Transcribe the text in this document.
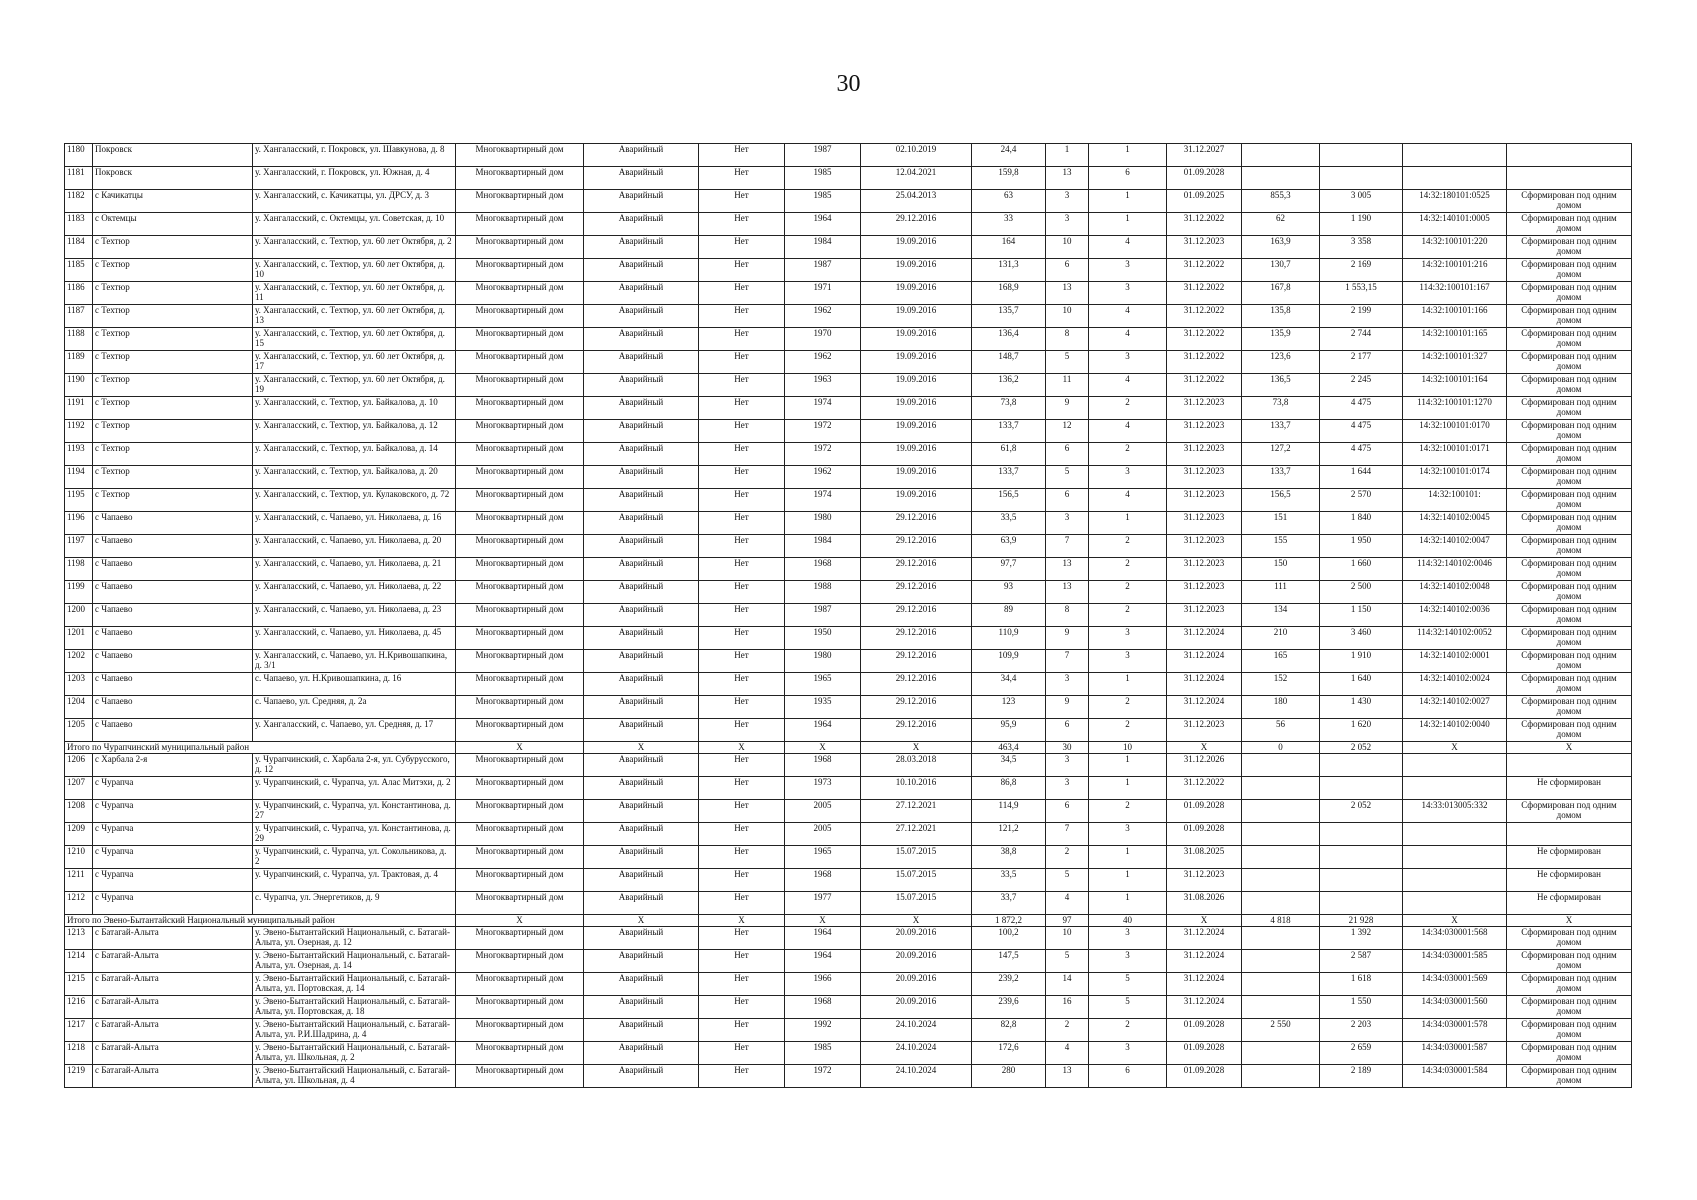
30
1180	Покровск	у. Хангаласский, г. Покровск, ул. Шавкунова, д. 8	Многоквартирный дом	Аварийный	Нет	1987	02.10.2019	24,4	1	1	31.12.2027				
1181	Покровск	у. Хангаласский, г. Покровск, ул. Южная, д. 4	Многоквартирный дом	Аварийный	Нет	1985	12.04.2021	159,8	13	6	01.09.2028				
1182	с Качикатцы	у. Хангаласский, с. Качикатцы, ул. ДРСУ, д. 3	Многоквартирный дом	Аварийный	Нет	1985	25.04.2013	63	3	1	01.09.2025	855,3	3 005	14:32:180101:0525	Сформирован под одним домом
1183	с Октемцы	у. Хангаласский, с. Октемцы, ул. Советская, д. 10	Многоквартирный дом	Аварийный	Нет	1964	29.12.2016	33	3	1	31.12.2022	62	1 190	14:32:140101:0005	Сформирован под одним домом
1184	с Техтюр	у. Хангаласский, с. Техтюр, ул. 60 лет Октября, д. 2	Многоквартирный дом	Аварийный	Нет	1984	19.09.2016	164	10	4	31.12.2023	163,9	3 358	14:32:100101:220	Сформирован под одним домом
1185	с Техтюр	у. Хангаласский, с. Техтюр, ул. 60 лет Октября, д. 10	Многоквартирный дом	Аварийный	Нет	1987	19.09.2016	131,3	6	3	31.12.2022	130,7	2 169	14:32:100101:216	Сформирован под одним домом
1186	с Техтюр	у. Хангаласский, с. Техтюр, ул. 60 лет Октября, д. 11	Многоквартирный дом	Аварийный	Нет	1971	19.09.2016	168,9	13	3	31.12.2022	167,8	1 553,15	114:32:100101:167	Сформирован под одним домом
1187	с Техтюр	у. Хангаласский, с. Техтюр, ул. 60 лет Октября, д. 13	Многоквартирный дом	Аварийный	Нет	1962	19.09.2016	135,7	10	4	31.12.2022	135,8	2 199	14:32:100101:166	Сформирован под одним домом
1188	с Техтюр	у. Хангаласский, с. Техтюр, ул. 60 лет Октября, д. 15	Многоквартирный дом	Аварийный	Нет	1970	19.09.2016	136,4	8	4	31.12.2022	135,9	2 744	14:32:100101:165	Сформирован под одним домом
1189	с Техтюр	у. Хангаласский, с. Техтюр, ул. 60 лет Октября, д. 17	Многоквартирный дом	Аварийный	Нет	1962	19.09.2016	148,7	5	3	31.12.2022	123,6	2 177	14:32:100101:327	Сформирован под одним домом
1190	с Техтюр	у. Хангаласский, с. Техтюр, ул. 60 лет Октября, д. 19	Многоквартирный дом	Аварийный	Нет	1963	19.09.2016	136,2	11	4	31.12.2022	136,5	2 245	14:32:100101:164	Сформирован под одним домом
1191	с Техтюр	у. Хангаласский, с. Техтюр, ул. Байкалова, д. 10	Многоквартирный дом	Аварийный	Нет	1974	19.09.2016	73,8	9	2	31.12.2023	73,8	4 475	114:32:100101:1270	Сформирован под одним домом
1192	с Техтюр	у. Хангаласский, с. Техтюр, ул. Байкалова, д. 12	Многоквартирный дом	Аварийный	Нет	1972	19.09.2016	133,7	12	4	31.12.2023	133,7	4 475	14:32:100101:0170	Сформирован под одним домом
1193	с Техтюр	у. Хангаласский, с. Техтюр, ул. Байкалова, д. 14	Многоквартирный дом	Аварийный	Нет	1972	19.09.2016	61,8	6	2	31.12.2023	127,2	4 475	14:32:100101:0171	Сформирован под одним домом
1194	с Техтюр	у. Хангаласский, с. Техтюр, ул. Байкалова, д. 20	Многоквартирный дом	Аварийный	Нет	1962	19.09.2016	133,7	5	3	31.12.2023	133,7	1 644	14:32:100101:0174	Сформирован под одним домом
1195	с Техтюр	у. Хангаласский, с. Техтюр, ул. Кулаковского, д. 72	Многоквартирный дом	Аварийный	Нет	1974	19.09.2016	156,5	6	4	31.12.2023	156,5	2 570	14:32:100101:	Сформирован под одним домом
1196	с Чапаево	у. Хангаласский, с. Чапаево, ул. Николаева, д. 16	Многоквартирный дом	Аварийный	Нет	1980	29.12.2016	33,5	3	1	31.12.2023	151	1 840	14:32:140102:0045	Сформирован под одним домом
1197	с Чапаево	у. Хангаласский, с. Чапаево, ул. Николаева, д. 20	Многоквартирный дом	Аварийный	Нет	1984	29.12.2016	63,9	7	2	31.12.2023	155	1 950	14:32:140102:0047	Сформирован под одним домом
1198	с Чапаево	у. Хангаласский, с. Чапаево, ул. Николаева, д. 21	Многоквартирный дом	Аварийный	Нет	1968	29.12.2016	97,7	13	2	31.12.2023	150	1 660	114:32:140102:0046	Сформирован под одним домом
1199	с Чапаево	у. Хангаласский, с. Чапаево, ул. Николаева, д. 22	Многоквартирный дом	Аварийный	Нет	1988	29.12.2016	93	13	2	31.12.2023	111	2 500	14:32:140102:0048	Сформирован под одним домом
1200	с Чапаево	у. Хангаласский, с. Чапаево, ул. Николаева, д. 23	Многоквартирный дом	Аварийный	Нет	1987	29.12.2016	89	8	2	31.12.2023	134	1 150	14:32:140102:0036	Сформирован под одним домом
1201	с Чапаево	у. Хангаласский, с. Чапаево, ул. Николаева, д. 45	Многоквартирный дом	Аварийный	Нет	1950	29.12.2016	110,9	9	3	31.12.2024	210	3 460	114:32:140102:0052	Сформирован под одним домом
1202	с Чапаево	у. Хангаласский, с. Чапаево, ул. Н.Кривошапкина, д. 3/1	Многоквартирный дом	Аварийный	Нет	1980	29.12.2016	109,9	7	3	31.12.2024	165	1 910	14:32:140102:0001	Сформирован под одним домом
1203	с Чапаево	с. Чапаево, ул. Н.Кривошапкина, д. 16	Многоквартирный дом	Аварийный	Нет	1965	29.12.2016	34,4	3	1	31.12.2024	152	1 640	14:32:140102:0024	Сформирован под одним домом
1204	с Чапаево	с. Чапаево, ул. Средняя, д. 2а	Многоквартирный дом	Аварийный	Нет	1935	29.12.2016	123	9	2	31.12.2024	180	1 430	14:32:140102:0027	Сформирован под одним домом
1205	с Чапаево	у. Хангаласский, с. Чапаево, ул. Средняя, д. 17	Многоквартирный дом	Аварийный	Нет	1964	29.12.2016	95,9	6	2	31.12.2023	56	1 620	14:32:140102:0040	Сформирован под одним домом
Итого по Чурапчинский муниципальный район			X	X	X	X	X	463,4	30	10	X	0	2 052	X	X
1206	с Харбала 2-я	у. Чурапчинский, с. Харбала 2-я, ул. Субурусского, д. 12	Многоквартирный дом	Аварийный	Нет	1968	28.03.2018	34,5	3	1	31.12.2026				
1207	с Чурапча	у. Чурапчинский, с. Чурапча, ул. Алас Митэхи, д. 2	Многоквартирный дом	Аварийный	Нет	1973	10.10.2016	86,8	3	1	31.12.2022				Не сформирован
1208	с Чурапча	у. Чурапчинский, с. Чурапча, ул. Константинова, д. 27	Многоквартирный дом	Аварийный	Нет	2005	27.12.2021	114,9	6	2	01.09.2028		2 052	14:33:013005:332	Сформирован под одним домом
1209	с Чурапча	у. Чурапчинский, с. Чурапча, ул. Константинова, д. 29	Многоквартирный дом	Аварийный	Нет	2005	27.12.2021	121,2	7	3	01.09.2028				
1210	с Чурапча	у. Чурапчинский, с. Чурапча, ул. Сокольникова, д. 2	Многоквартирный дом	Аварийный	Нет	1965	15.07.2015	38,8	2	1	31.08.2025				Не сформирован
1211	с Чурапча	у. Чурапчинский, с. Чурапча, ул. Трактовая, д. 4	Многоквартирный дом	Аварийный	Нет	1968	15.07.2015	33,5	5	1	31.12.2023				Не сформирован
1212	с Чурапча	с. Чурапча, ул. Энергетиков, д. 9	Многоквартирный дом	Аварийный	Нет	1977	15.07.2015	33,7	4	1	31.08.2026				Не сформирован
Итого по Эвено-Бытантайский Национальный муниципальный район			X	X	X	X	X	1 872,2	97	40	X	4 818	21 928	X	X
1213	с Батагай-Алыта	у. Эвено-Бытантайский Национальный, с. Батагай-Алыта, ул. Озерная, д. 12	Многоквартирный дом	Аварийный	Нет	1964	20.09.2016	100,2	10	3	31.12.2024		1 392	14:34:030001:568	Сформирован под одним домом
1214	с Батагай-Алыта	у. Эвено-Бытантайский Национальный, с. Батагай-Алыта, ул. Озерная, д. 14	Многоквартирный дом	Аварийный	Нет	1964	20.09.2016	147,5	5	3	31.12.2024		2 587	14:34:030001:585	Сформирован под одним домом
1215	с Батагай-Алыта	у. Эвено-Бытантайский Национальный, с. Батагай-Алыта, ул. Портовская, д. 14	Многоквартирный дом	Аварийный	Нет	1966	20.09.2016	239,2	14	5	31.12.2024		1 618	14:34:030001:569	Сформирован под одним домом
1216	с Батагай-Алыта	у. Эвено-Бытантайский Национальный, с. Батагай-Алыта, ул. Портовская, д. 18	Многоквартирный дом	Аварийный	Нет	1968	20.09.2016	239,6	16	5	31.12.2024		1 550	14:34:030001:560	Сформирован под одним домом
1217	с Батагай-Алыта	у. Эвено-Бытантайский Национальный, с. Батагай-Алыта, ул. Р.И.Шадрина, д. 4	Многоквартирный дом	Аварийный	Нет	1992	24.10.2024	82,8	2	2	01.09.2028	2 550	2 203	14:34:030001:578	Сформирован под одним домом
1218	с Батагай-Алыта	у. Эвено-Бытантайский Национальный, с. Батагай-Алыта, ул. Школьная, д. 2	Многоквартирный дом	Аварийный	Нет	1985	24.10.2024	172,6	4	3	01.09.2028		2 659	14:34:030001:587	Сформирован под одним домом
1219	с Батагай-Алыта	у. Эвено-Бытантайский Национальный, с. Батагай-Алыта, ул. Школьная, д. 4	Многоквартирный дом	Аварийный	Нет	1972	24.10.2024	280	13	6	01.09.2028		2 189	14:34:030001:584	Сформирован под одним домом
